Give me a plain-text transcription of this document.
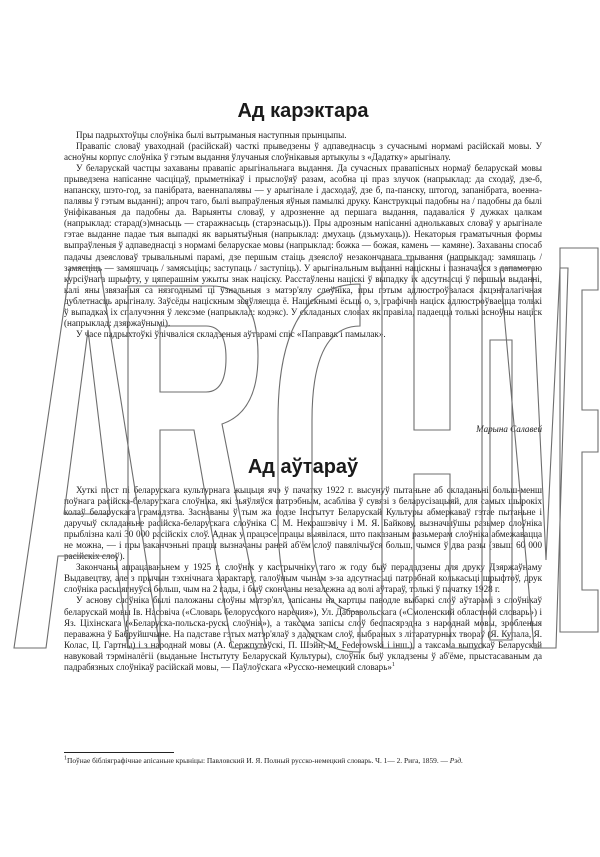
Ад карэктара

Пры падрыхтоўцы слоўніка былі вытрыманыя наступныя прынцыпы.

Правапіс словаў уваходнай (расійскай) часткі прыведзены ў адпаведнасць з сучаснымі нормамі расійскай мовы. У асноўны корпус слоўніка ў гэтым выдання ўлучаныя слоўнікавыя артыкулы з «Дадатку» арыгіналу.

У беларускай частцы захаваны правапіс арыгінальнага выдання. Да сучасных правапісных нормаў беларускай мовы прыведзена напісанне часціцаў, прыметнікаў і прыслоўяў разам, асобна ці праз злучок (напрыклад: да сходаў, дзе-б, напанску, шэто-год, за панібрата, ваеннапалявы — у арыгінале і дасходаў, дзе б, па-панску, штогод, запанібрата, военна-палявы ў гэтым выданні); апроч таго, былі выпраўленыя яўныя памылкі друку. Канструкцыі падобны на / падобны да былі ўніфікаваныя да падобны да. Варыянты словаў, у адрозненне ад першага выдання, падаваліся ў дужках цалкам (напрыклад: старад(э)мнасьць — старажнасьць (старэнасьць)). Пры адрозным напісанні аднолькавых словаў у арыгінале гэтае выданне падае тыя выпадкі як варыятыўныя (напрыклад: дмухаць (дзьмухаць)). Некаторыя граматычныя формы выпраўленыя ў адпаведнасці з нормамі беларускае мовы (напрыклад: божка — божая, камень — камяне). Захаваны спосаб падачы дзеясловаў трывальнымі парамі, дзе першым стаіць дзеяслоў незакончанага трывання (напрыклад: замяшаць / замясціць — замяшчаць / замясьціць; заступаць / заступіць). У арыгінальным выданні націскны і пазначаўся з дапамогаю курсіўнага шрыфту, у цяперашнім ужыты знак націску. Расстаўлены націскі ў выпадку іх адсутнасці ў першым выданні, калі яны звязаныя са нязгоднымі ці ўзнальныя з матэр'ялу слоўніка, пры гэтым адлюстроўвалася акцэнталагічная дублетнасць арыгіналу. Заўсёды націскным зьяўляецца ё. Націскнымі ёсьць о, э, графічна націск адлюстроўваецца толькі ў выпадках іх спалучэння ў лексэме (напрыклад: кодэкс). У складаных словах як правіла, падаецца толькі асноўны націск (напрыклад: дзяржаўнымі).

У часе падрыхтоўкі ўлічваліся складзеныя аўтарамі спіс «Паправак і памылак».

Марына Салавей
Ад аўтараў

Хуткі пост пі беларускага культурнага жыцьця ячэ ў пачатку 1922 г. высунуў пытаньне аб складаньні больш-менш поўнага расійска-беларускага слоўніка, які зьяўляўся патрэбным, асабліва ў сувязі з беларусізацыяй, для самых шырокіх колаў беларускага грамадзтва. Заснаваны ў тым жа годзе Інстытут Беларускай Культуры абмеркаваў гэтае пытаньне і даручыў складаньне расійска-беларускага слоўніка С. М. Некрашэвічу і М. Я. Байкову, вызначыўшы разьмер слоўніка прыблізна калі 30 000 расійскіх слоў. Аднак у працэсе працы выявілася, што паказаным разьмерам слоўніка абмежавацца не можна, — і пры заканчэньні працы вызначаны раней аб'ём слоў павялічыўся больш, чымся ў два разы (звыш 60 000 расійскіх слоў).

Закончаны апрацаваньнем у 1925 г. слоўнік у кастрычніку таго ж году быў перададзены для друку Дзяржаўнаму Выдавецтву, але з прычын тэхнічнага характару, галоўным чынам з-за адсутнасьці патрэбнай колькасьці шрыфтоў, друк слоўніка расьцягнуўся больш, чым на 2 гады, і быў скончаны незалежна ад волі аўтараў, толькі ў пачатку 1928 г.

У аснову слоўніка былі паложаны слоўны матэр'ял, запісаны на картцы паводле выбаркі слоў аўтарамі з слоўнікаў беларускай мовы Ів. Насовіча («Словарь белорусского наречия»), Ул. Дабравольскага («Смоленский областной словарь») і Яз. Ціхінскага («Беларуска-польска-рускі слоўнік»), а таксама запісы слоў беспасярэдна з народнай мовы, зробленыя пераважна ў Бабруйшчыне. На падставе гэтых матэр'ялаў з дадаткам слоў, выбраных з літаратурных твораў (Я. Купала, Я. Колас, Ц. Гартны) і з народнай мовы (А. Сержпутоўскі, П. Шэйн, М. Federowski і інш.), а таксама выпускаў Беларускай навуковай тэрміналёгіі (выданьне Інстытуту Беларускай Культуры), слоўнік быў укладзены ў аб'ёме, прыстасаваным да падрабязных слоўнікаў расійскай мовы, — Паўлоўскага «Русско-немецкий словарь»$^1$

$^1$Поўнае бібліяграфічнае апісаньне крыніцы: Павловский И. Я. Полный русско-немецкий словарь. Ч. 1— 2. Рига, 1859. — Рэд.
